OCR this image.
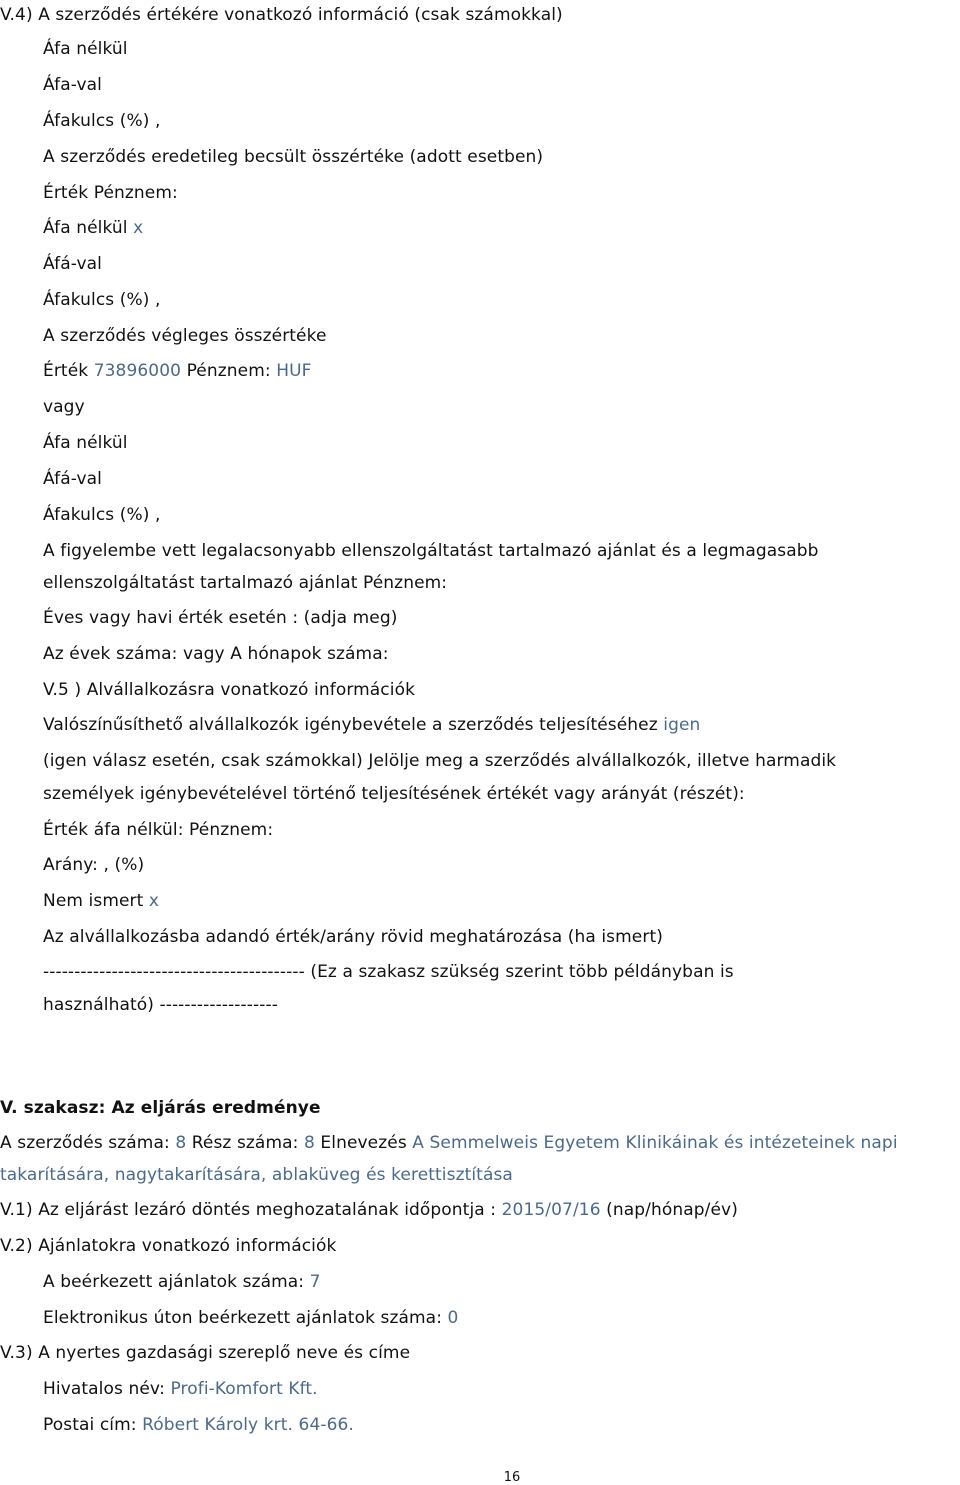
V.4) A szerződés értékére vonatkozó információ (csak számokkal)
Áfa nélkül
Áfa-val
Áfakulcs (%) ,
A szerződés eredetileg becsült összértéke (adott esetben)
Érték Pénznem:
Áfa nélkül x
Áfá-val
Áfakulcs (%) ,
A szerződés végleges összértéke
Érték 73896000 Pénznem: HUF
vagy
Áfa nélkül
Áfá-val
Áfakulcs (%) ,
A figyelembe vett legalacsonyabb ellenszolgáltatást tartalmazó ajánlat és a legmagasabb
ellenszolgáltatást tartalmazó ajánlat Pénznem:
Éves vagy havi érték esetén : (adja meg)
Az évek száma: vagy A hónapok száma:
V.5 ) Alvállalkozásra vonatkozó információk
Valószínűsíthető alvállalkozók igénybevétele a szerződés teljesítéséhez igen
(igen válasz esetén, csak számokkal) Jelölje meg a szerződés alvállalkozók, illetve harmadik
személyek igénybevételével történő teljesítésének értékét vagy arányát (részét):
Érték áfa nélkül: Pénznem:
Arány: , (%)
Nem ismert x
Az alvállalkozásba adandó érték/arány rövid meghatározása (ha ismert)
------------------------------------------ (Ez a szakasz szükség szerint több példányban is
használható) -------------------
V. szakasz: Az eljárás eredménye
A szerződés száma: 8 Rész száma: 8 Elnevezés A Semmelweis Egyetem Klinikáinak és intézeteinek napi
takarítására, nagytakarítására, ablaküveg és kerettisztítása
V.1) Az eljárást lezáró döntés meghozatalának időpontja : 2015/07/16 (nap/hónap/év)
V.2) Ajánlatokra vonatkozó információk
A beérkezett ajánlatok száma: 7
Elektronikus úton beérkezett ajánlatok száma: 0
V.3) A nyertes gazdasági szereplő neve és címe
Hivatalos név: Profi-Komfort Kft.
Postai cím: Róbert Károly krt. 64-66.
16
